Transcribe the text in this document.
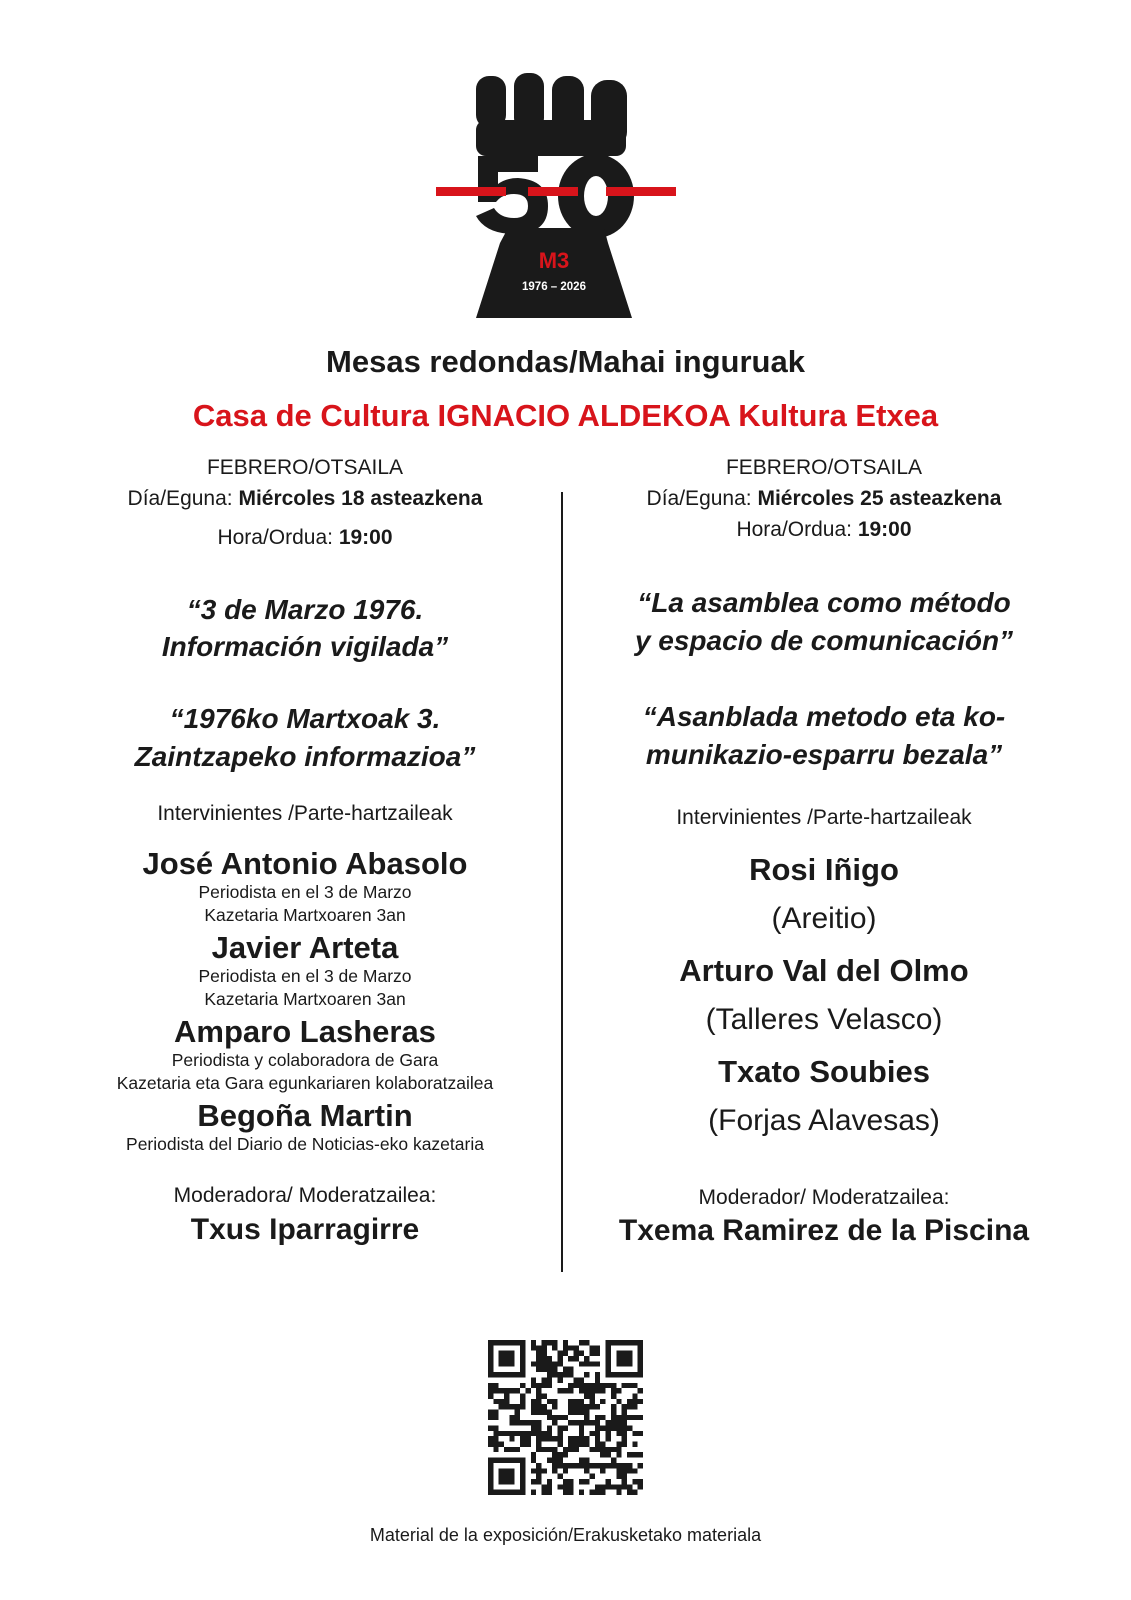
M3
1976 – 2026
Mesas redondas/Mahai inguruak
Casa de Cultura IGNACIO ALDEKOA Kultura Etxea
FEBRERO/OTSAILA
Día/Eguna: Miércoles 18 asteazkena
Hora/Ordua: 19:00
“3 de Marzo 1976.
Información vigilada”
“1976ko Martxoak 3.
Zaintzapeko informazioa”
Intervinientes /Parte-hartzaileak
José Antonio Abasolo
Periodista en el 3 de Marzo
Kazetaria Martxoaren 3an
Javier Arteta
Periodista en el 3 de Marzo
Kazetaria Martxoaren 3an
Amparo Lasheras
Periodista y colaboradora de Gara
Kazetaria eta Gara egunkariaren kolaboratzailea
Begoña Martin
Periodista del Diario de Noticias-eko kazetaria
Moderadora/ Moderatzailea:
Txus Iparragirre
FEBRERO/OTSAILA
Día/Eguna: Miércoles 25 asteazkena
Hora/Ordua: 19:00
“La asamblea como método
y espacio de comunicación”
“Asanblada metodo eta ko-
munikazio-esparru bezala”
Intervinientes /Parte-hartzaileak
Rosi Iñigo
(Areitio)
Arturo Val del Olmo
(Talleres Velasco)
Txato Soubies
(Forjas Alavesas)
Moderador/ Moderatzailea:
Txema Ramirez de la Piscina
Material de la exposición/Erakusketako materiala
